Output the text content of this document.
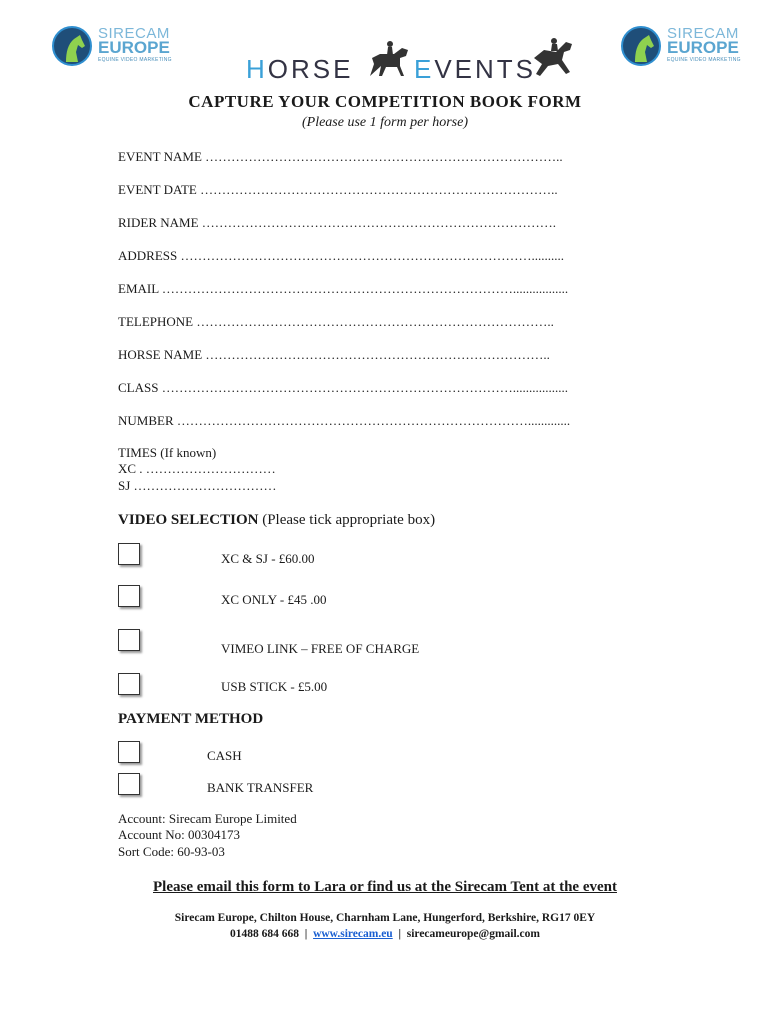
SIRECAM
EUROPE
EQUINE VIDEO MARKETING
SIRECAM
EUROPE
EQUINE VIDEO MARKETING
HORSE EVENTS
CAPTURE YOUR COMPETITION BOOK FORM
(Please use 1 form per horse)
EVENT NAME ………………………………………………………………………..
EVENT DATE ………………………………………………………………………..
RIDER NAME ……………………………………………………………………….
ADDRESS ………………………………………………………………………..........
EMAIL ……………………………………………………………………….................
TELEPHONE ………………………………………………………………………..
HORSE NAME ……………………………………………………………………..
CLASS ……………………………………………………………………….................
NUMBER ……………………………………………………………………….............
TIMES (If known)
XC . …………………………
SJ ……………………………
VIDEO SELECTION (Please tick appropriate box)
XC & SJ - £60.00
XC ONLY - £45 .00
VIMEO LINK – FREE OF CHARGE
USB STICK - £5.00
PAYMENT METHOD
CASH
BANK TRANSFER
Account: Sirecam Europe Limited
Account No: 00304173
Sort Code: 60-93-03
Please email this form to Lara or find us at the Sirecam Tent at the event
Sirecam Europe, Chilton House, Charnham Lane, Hungerford, Berkshire, RG17 0EY
01488 684 668 | www.sirecam.eu | sirecameurope@gmail.com
